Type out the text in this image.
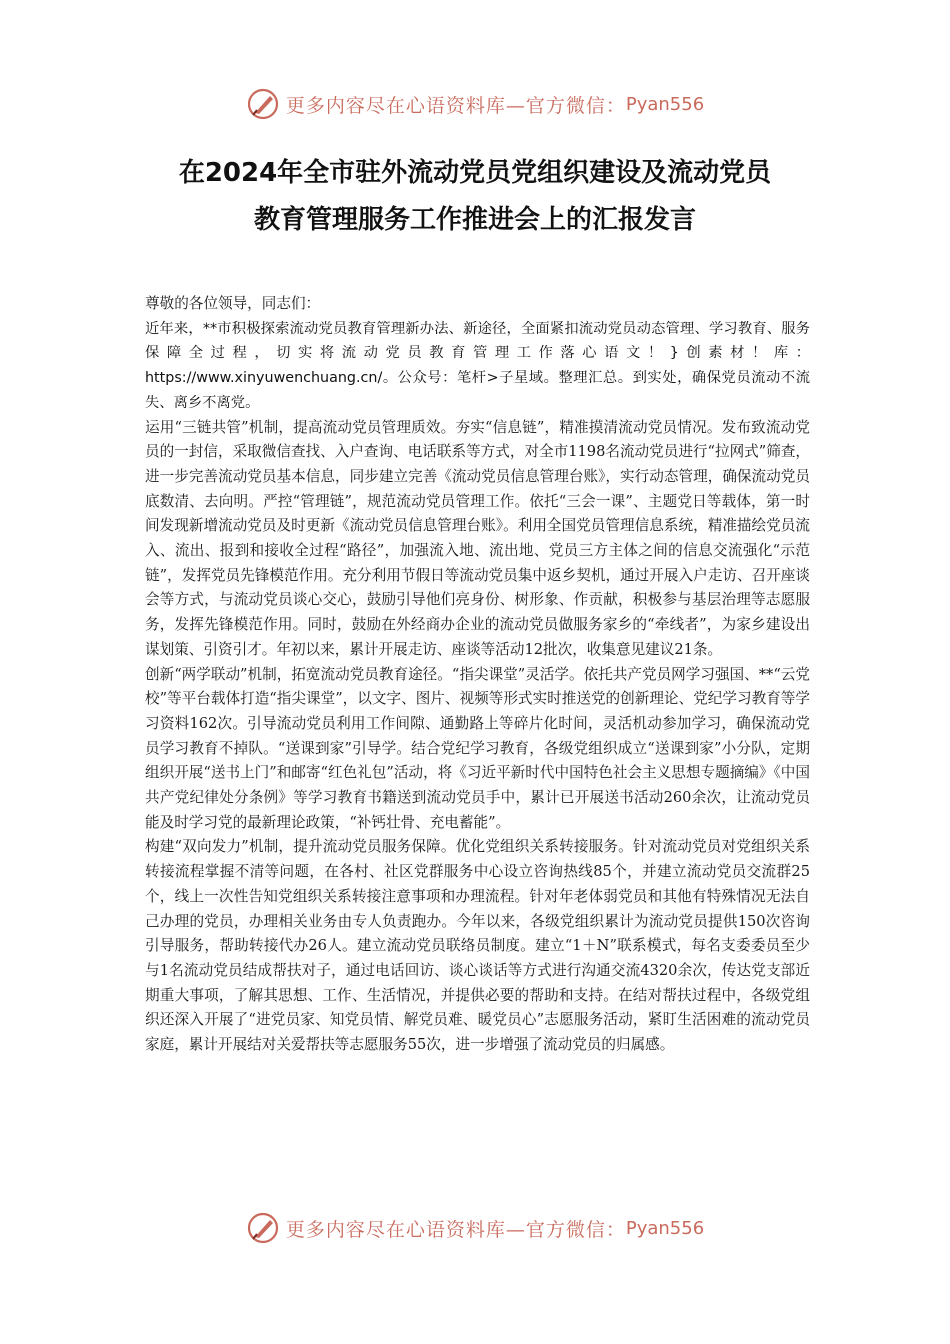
更多内容尽在心语资料库—官方微信： Pyan556
在2024年全市驻外流动党员党组织建设及流动党员
教育管理服务工作推进会上的汇报发言

尊敬的各位领导，同志们：

近年来，**市积极探索流动党员教育管理新办法、新途径，全面紧扣流动党员动态管理、学习教育、服务保障全过程，切实将流动党员教育管理工作落心语文！}创素材！库：https://www.xinyuwenchuang.cn/。公众号：笔杆>子星域。整理汇总。到实处，确保党员流动不流失、离乡不离党。

运用“三链共管”机制，提高流动党员管理质效。夯实“信息链”，精准摸清流动党员情况。发布致流动党员的一封信，采取微信查找、入户查询、电话联系等方式，对全市1198名流动党员进行“拉网式”筛查，进一步完善流动党员基本信息，同步建立完善《流动党员信息管理台账》，实行动态管理，确保流动党员底数清、去向明。严控“管理链”，规范流动党员管理工作。依托“三会一课”、主题党日等载体，第一时间发现新增流动党员及时更新《流动党员信息管理台账》。利用全国党员管理信息系统，精准描绘党员流入、流出、报到和接收全过程“路径”，加强流入地、流出地、党员三方主体之间的信息交流强化“示范链”，发挥党员先锋模范作用。充分利用节假日等流动党员集中返乡契机，通过开展入户走访、召开座谈会等方式，与流动党员谈心交心，鼓励引导他们亮身份、树形象、作贡献，积极参与基层治理等志愿服务，发挥先锋模范作用。同时，鼓励在外经商办企业的流动党员做服务家乡的“牵线者”，为家乡建设出谋划策、引资引才。年初以来，累计开展走访、座谈等活动12批次，收集意见建议21条。

创新“两学联动”机制，拓宽流动党员教育途径。“指尖课堂”灵活学。依托共产党员网学习强国、**“云党校”等平台载体打造“指尖课堂”，以文字、图片、视频等形式实时推送党的创新理论、党纪学习教育等学习资料162次。引导流动党员利用工作间隙、通勤路上等碎片化时间，灵活机动参加学习，确保流动党员学习教育不掉队。“送课到家”引导学。结合党纪学习教育，各级党组织成立“送课到家”小分队，定期组织开展“送书上门”和邮寄“红色礼包”活动，将《习近平新时代中国特色社会主义思想专题摘编》《中国共产党纪律处分条例》等学习教育书籍送到流动党员手中，累计已开展送书活动260余次，让流动党员能及时学习党的最新理论政策，“补钙壮骨、充电蓄能”。

构建“双向发力”机制，提升流动党员服务保障。优化党组织关系转接服务。针对流动党员对党组织关系转接流程掌握不清等问题，在各村、社区党群服务中心设立咨询热线85个，并建立流动党员交流群25个，线上一次性告知党组织关系转接注意事项和办理流程。针对年老体弱党员和其他有特殊情况无法自己办理的党员，办理相关业务由专人负责跑办。今年以来，各级党组织累计为流动党员提供150次咨询引导服务，帮助转接代办26人。建立流动党员联络员制度。建立“1＋N”联系模式，每名支委委员至少与1名流动党员结成帮扶对子，通过电话回访、谈心谈话等方式进行沟通交流4320余次，传达党支部近期重大事项，了解其思想、工作、生活情况，并提供必要的帮助和支持。在结对帮扶过程中，各级党组织还深入开展了“进党员家、知党员情、解党员难、暖党员心”志愿服务活动，紧盯生活困难的流动党员家庭，累计开展结对关爱帮扶等志愿服务55次，进一步增强了流动党员的归属感。

更多内容尽在心语资料库—官方微信： Pyan556
